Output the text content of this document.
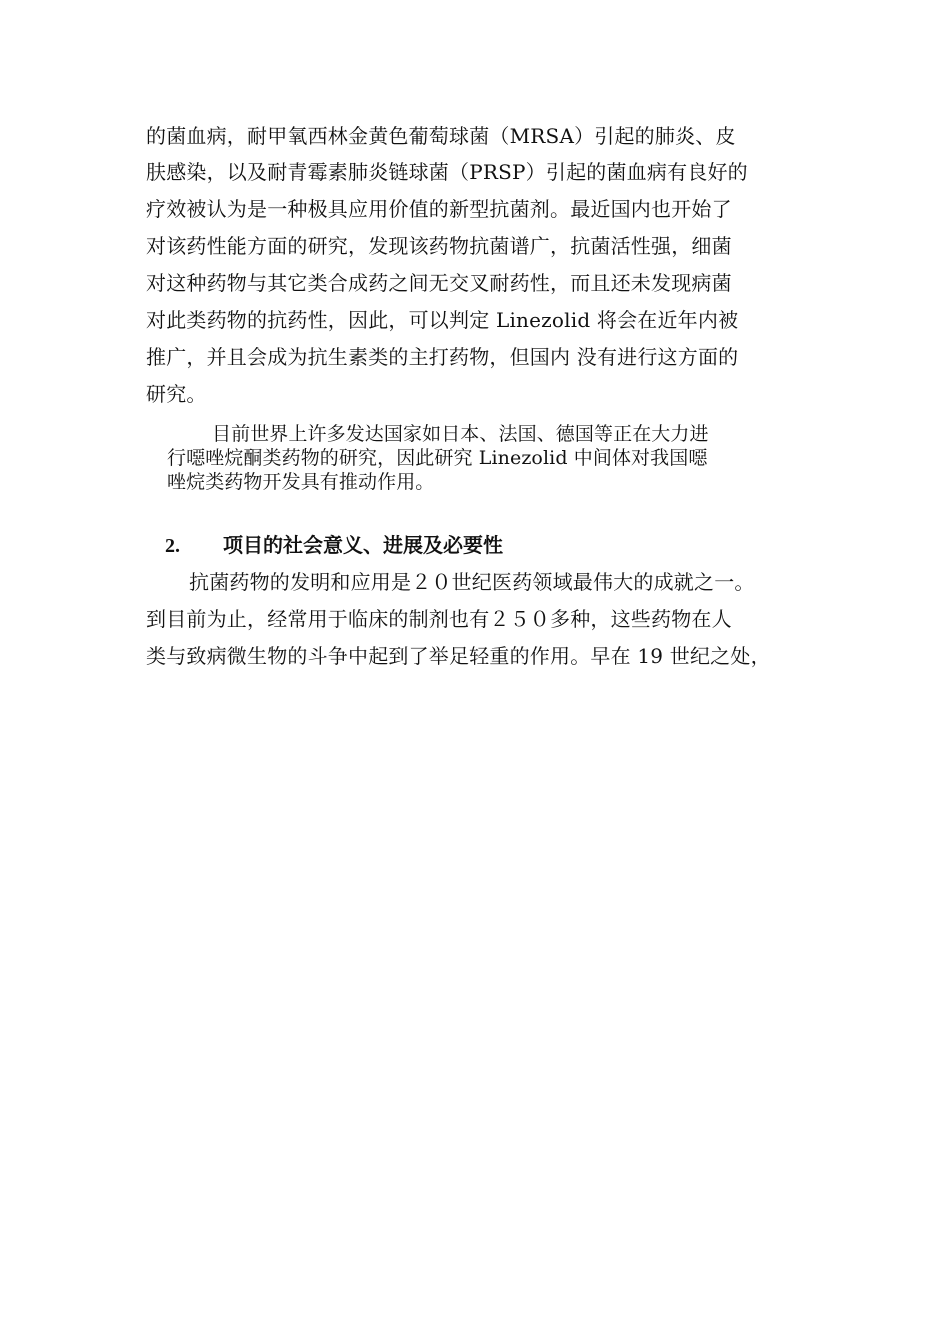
的菌血病，耐甲氧西林金黄色葡萄球菌（MRSA）引起的肺炎、皮
肤感染，以及耐青霉素肺炎链球菌（PRSP）引起的菌血病有良好的
疗效被认为是一种极具应用价值的新型抗菌剂。最近国内也开始了
对该药性能方面的研究，发现该药物抗菌谱广，抗菌活性强，细菌
对这种药物与其它类合成药之间无交叉耐药性，而且还未发现病菌
对此类药物的抗药性，因此，可以判定 Linezolid 将会在近年内被
推广，并且会成为抗生素类的主打药物，但国内 没有进行这方面的
研究。
目前世界上许多发达国家如日本、法国、德国等正在大力进
行噁唑烷酮类药物的研究，因此研究 Linezolid 中间体对我国噁
唑烷类药物开发具有推动作用。
2. 项目的社会意义、进展及必要性
抗菌药物的发明和应用是２０世纪医药领域最伟大的成就之一。
到目前为止，经常用于临床的制剂也有２５０多种，这些药物在人
类与致病微生物的斗争中起到了举足轻重的作用。早在 19 世纪之处，
